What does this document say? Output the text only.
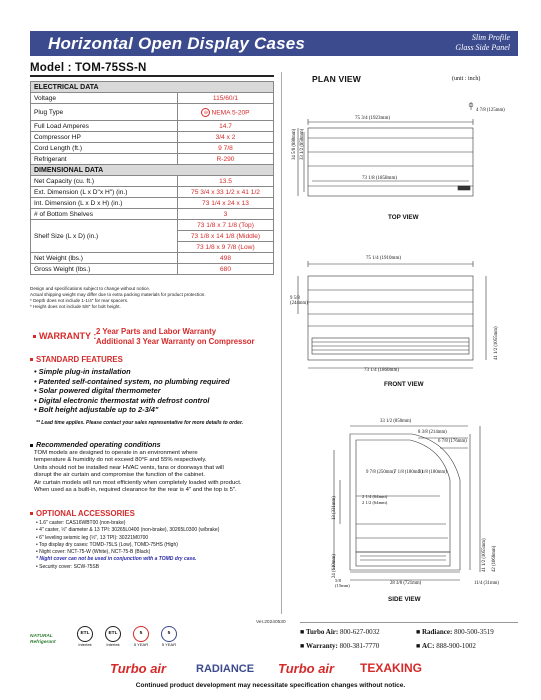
Horizontal Open Display Cases	Slim Profile
Glass Side Panel
Model : TOM-75SS-N
ELECTRICAL DATA	
Voltage	115/60/1
Plug Type	⊖ NEMA 5-20P
Full Load Amperes	14.7
Compressor HP	3/4 x 2
Cord Length (ft.)	9 7/8
Refrigerant	R-290
DIMENSIONAL DATA	
Net Capacity (cu. ft.)	13.5
Ext. Dimension (L x D"x H") (in.)	75 3/4 x 33 1/2 x 41 1/2
Int. Dimension (L x D x H) (in.)	73 1/4 x 24 x 13
# of Bottom Shelves	3
Shelf Size (L x D) (in.)	73 1/8 x 7 1/8 (Top)
	73 1/8 x 14 1/8 (Middle)
	73 1/8 x 9 7/8 (Low)
Net Weight (lbs.)	498
Gross Weight (lbs.)	680
Design and specifications subject to change without notice.
Actual shipping weight may differ due to extra packing materials for product protection.
* Depth does not include 1-1/4" for rear spacers.
* Height does not include 5/8" for bolt height.
WARRANTY : 2 Year Parts and Labor Warranty
Additional 3 Year Warranty on Compressor
STANDARD FEATURES
• Simple plug-in installation
• Patented self-contained system, no plumbing required
• Solar powered digital thermometer
• Digital electronic thermostat with defrost control
• Bolt height adjustable up to 2-3/4"
** Lead time applies. Please contact your sales representative for more details to order.
Recommended operating conditions
TOM models are designed to operate in an environment where
temperature & humidity do not exceed 80°F and 55% respectively.
Units should not be installed near HVAC vents, fans or doorways that will
disrupt the air curtain and compromise the function of the cabinet.
Air curtain models will run most efficiently when completely loaded with product.
When used as a built-in, required clearance for the rear is 4" and the top is 5".
OPTIONAL ACCESSORIES
• 1.6" caster: CAS16WBT00 (non-brake)
• 4" caster, ½" diameter & 13 TPI: 30265L0400 (non-brake), 30265L0300 (w/brake)
• 6" leveling seismic leg (½", 13 TPI): 30221M0700
• Top display dry cases: TOMD-75LS (Low), TOMD-75HS (High)
• Night cover: NCT-75-W (White), NCT-75-B (Black)
* Night cover can not be used in conjunction with a TOMD dry case.
• Security cover: SCW-75SB
PLAN VIEW	(unit : inch)
75 3/4 (1923mm)
73 1/8 (1858mm)
34 5/8 (880mm) 33 1/2 (850mm)
4 7/8 (125mm)
TOP VIEW
75 1/4 (1910mm)
73 1/4 (1860mm)
9 5/8 (244mm)
41 1/2 (1055mm)
FRONT VIEW
33 1/2 (850mm)
8 3/8 (214mm)
6 7/8 (176mm)
7 1/8 (180mm)
7 1/8 (180mm)
9 7/8 (250mm)
2 1/4 (64mm)
2 1/2 (64mm)
13 (331mm)
24 (610mm)	41 1/2 (1055mm) 42 (1068mm)
28 3/8 (721mm)	11/4 (31mm)
5/8 (15mm)
SIDE VIEW
Ver.20240530
NATURAL Refrigerant
ETL
Intertek
ETL
Intertek
5
5 YEAR
5
5 YEAR
■ Turbo Air: 800-627-0032	■ Radiance: 800-500-3519
■ Warranty: 800-381-7770	■ AC: 888-900-1002
Turbo air	RADIANCE Turbo air TEXAKING
Continued product development may necessitate specification changes without notice.
